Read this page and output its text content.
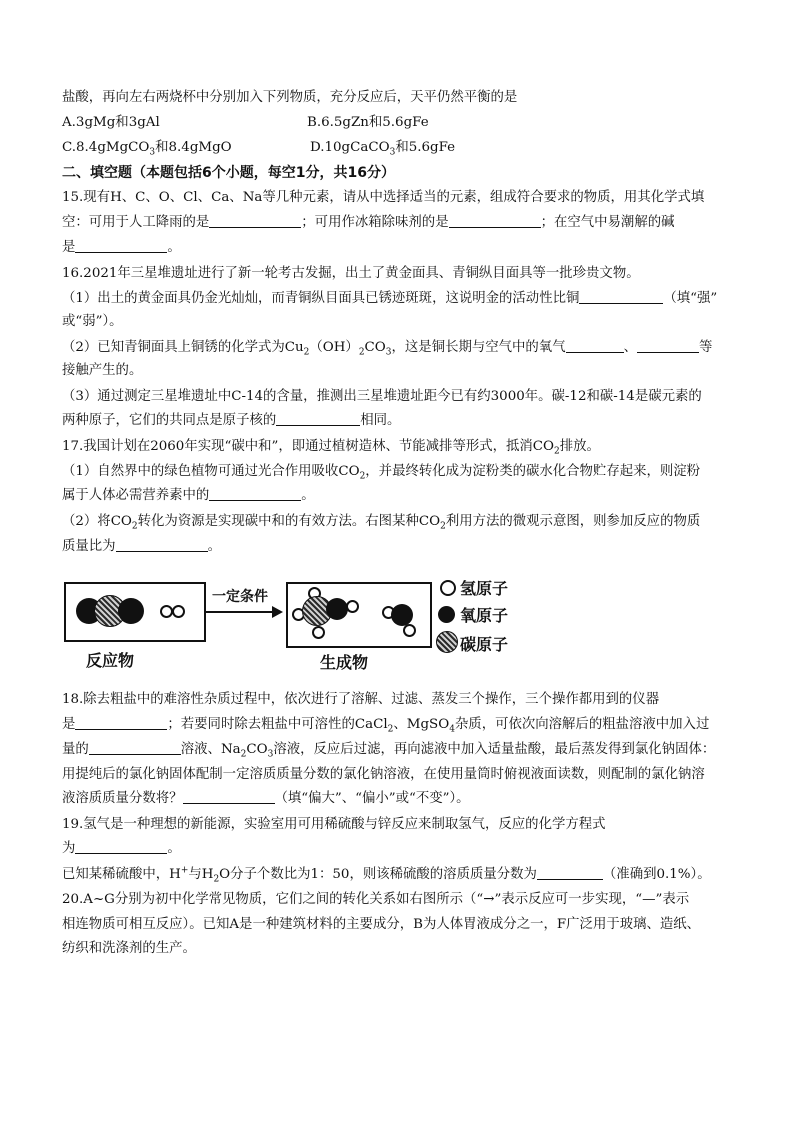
盐酸，再向左右两烧杯中分别加入下列物质，充分反应后，天平仍然平衡的是
A.3gMg和3gAl	B.6.5gZn和5.6gFe
C.8.4gMgCO$_3$和8.4gMgO	D.10gCaCO$_3$和5.6gFe
二、填空题（本题包括6个小题，每空1分，共16分）
15.现有H、C、O、Cl、Ca、Na等几种元素，请从中选择适当的元素，组成符合要求的物质，用其化学式填
空：可用于人工降雨的是	；可用作冰箱除味剂的是	；在空气中易潮解的碱
是	。
16.2021年三星堆遗址进行了新一轮考古发掘，出土了黄金面具、青铜纵目面具等一批珍贵文物。
（1）出土的黄金面具仍金光灿灿，而青铜纵目面具已锈迹斑斑，这说明金的活动性比铜	（填“强”
或“弱”）。
（2）已知青铜面具上铜锈的化学式为$Cu_2(OH)_2CO_3$，这是铜长期与空气中的氧气	、	等
接触产生的。
（3）通过测定三星堆遗址中C-14的含量，推测出三星堆遗址距今已有约3000年。碳-12和碳-14是碳元素的
两种原子，它们的共同点是原子核的	相同。
17.我国计划在2060年实现“碳中和”，即通过植树造林、节能减排等形式，抵消$CO_2$排放。
（1）自然界中的绿色植物可通过光合作用吸收$CO_2$，并最终转化成为淀粉类的碳水化合物贮存起来，则淀粉
属于人体必需营养素中的	。
（2）将$CO_2$转化为资源是实现碳中和的有效方法。右图某种$CO_2$利用方法的微观示意图，则参加反应的物质
质量比为	。
反应物
一定条件
生成物
氢原子
氧原子
碳原子
18.除去粗盐中的难溶性杂质过程中，依次进行了溶解、过滤、蒸发三个操作，三个操作都用到的仪器
是	；若要同时除去粗盐中可溶性的CaCl$_2$、MgSO$_4$杂质，可依次向溶解后的粗盐溶液中加入过
量的	溶液、$Na_2CO_3$溶液，反应后过滤，再向滤液中加入适量盐酸，最后蒸发得到氯化钠固体：
用提纯后的氯化钠固体配制一定溶质质量分数的氯化钠溶液，在使用量筒时俯视液面读数，则配制的氯化钠溶
液溶质质量分数将？	（填“偏大”、“偏小”或“不变”）。
19.氢气是一种理想的新能源，实验室用可用稀硫酸与锌反应来制取氢气，反应的化学方程式
为	。
已知某稀硫酸中，H+与$H_2O$分子个数比为1：50，则该稀硫酸的溶质质量分数为	（准确到0.1%）。
20.A~G分别为初中化学常见物质，它们之间的转化关系如右图所示（“→”表示反应可一步实现，“—”表示
相连物质可相互反应）。已知A是一种建筑材料的主要成分，B为人体胃液成分之一，F广泛用于玻璃、造纸、
纺织和洗涤剂的生产。
